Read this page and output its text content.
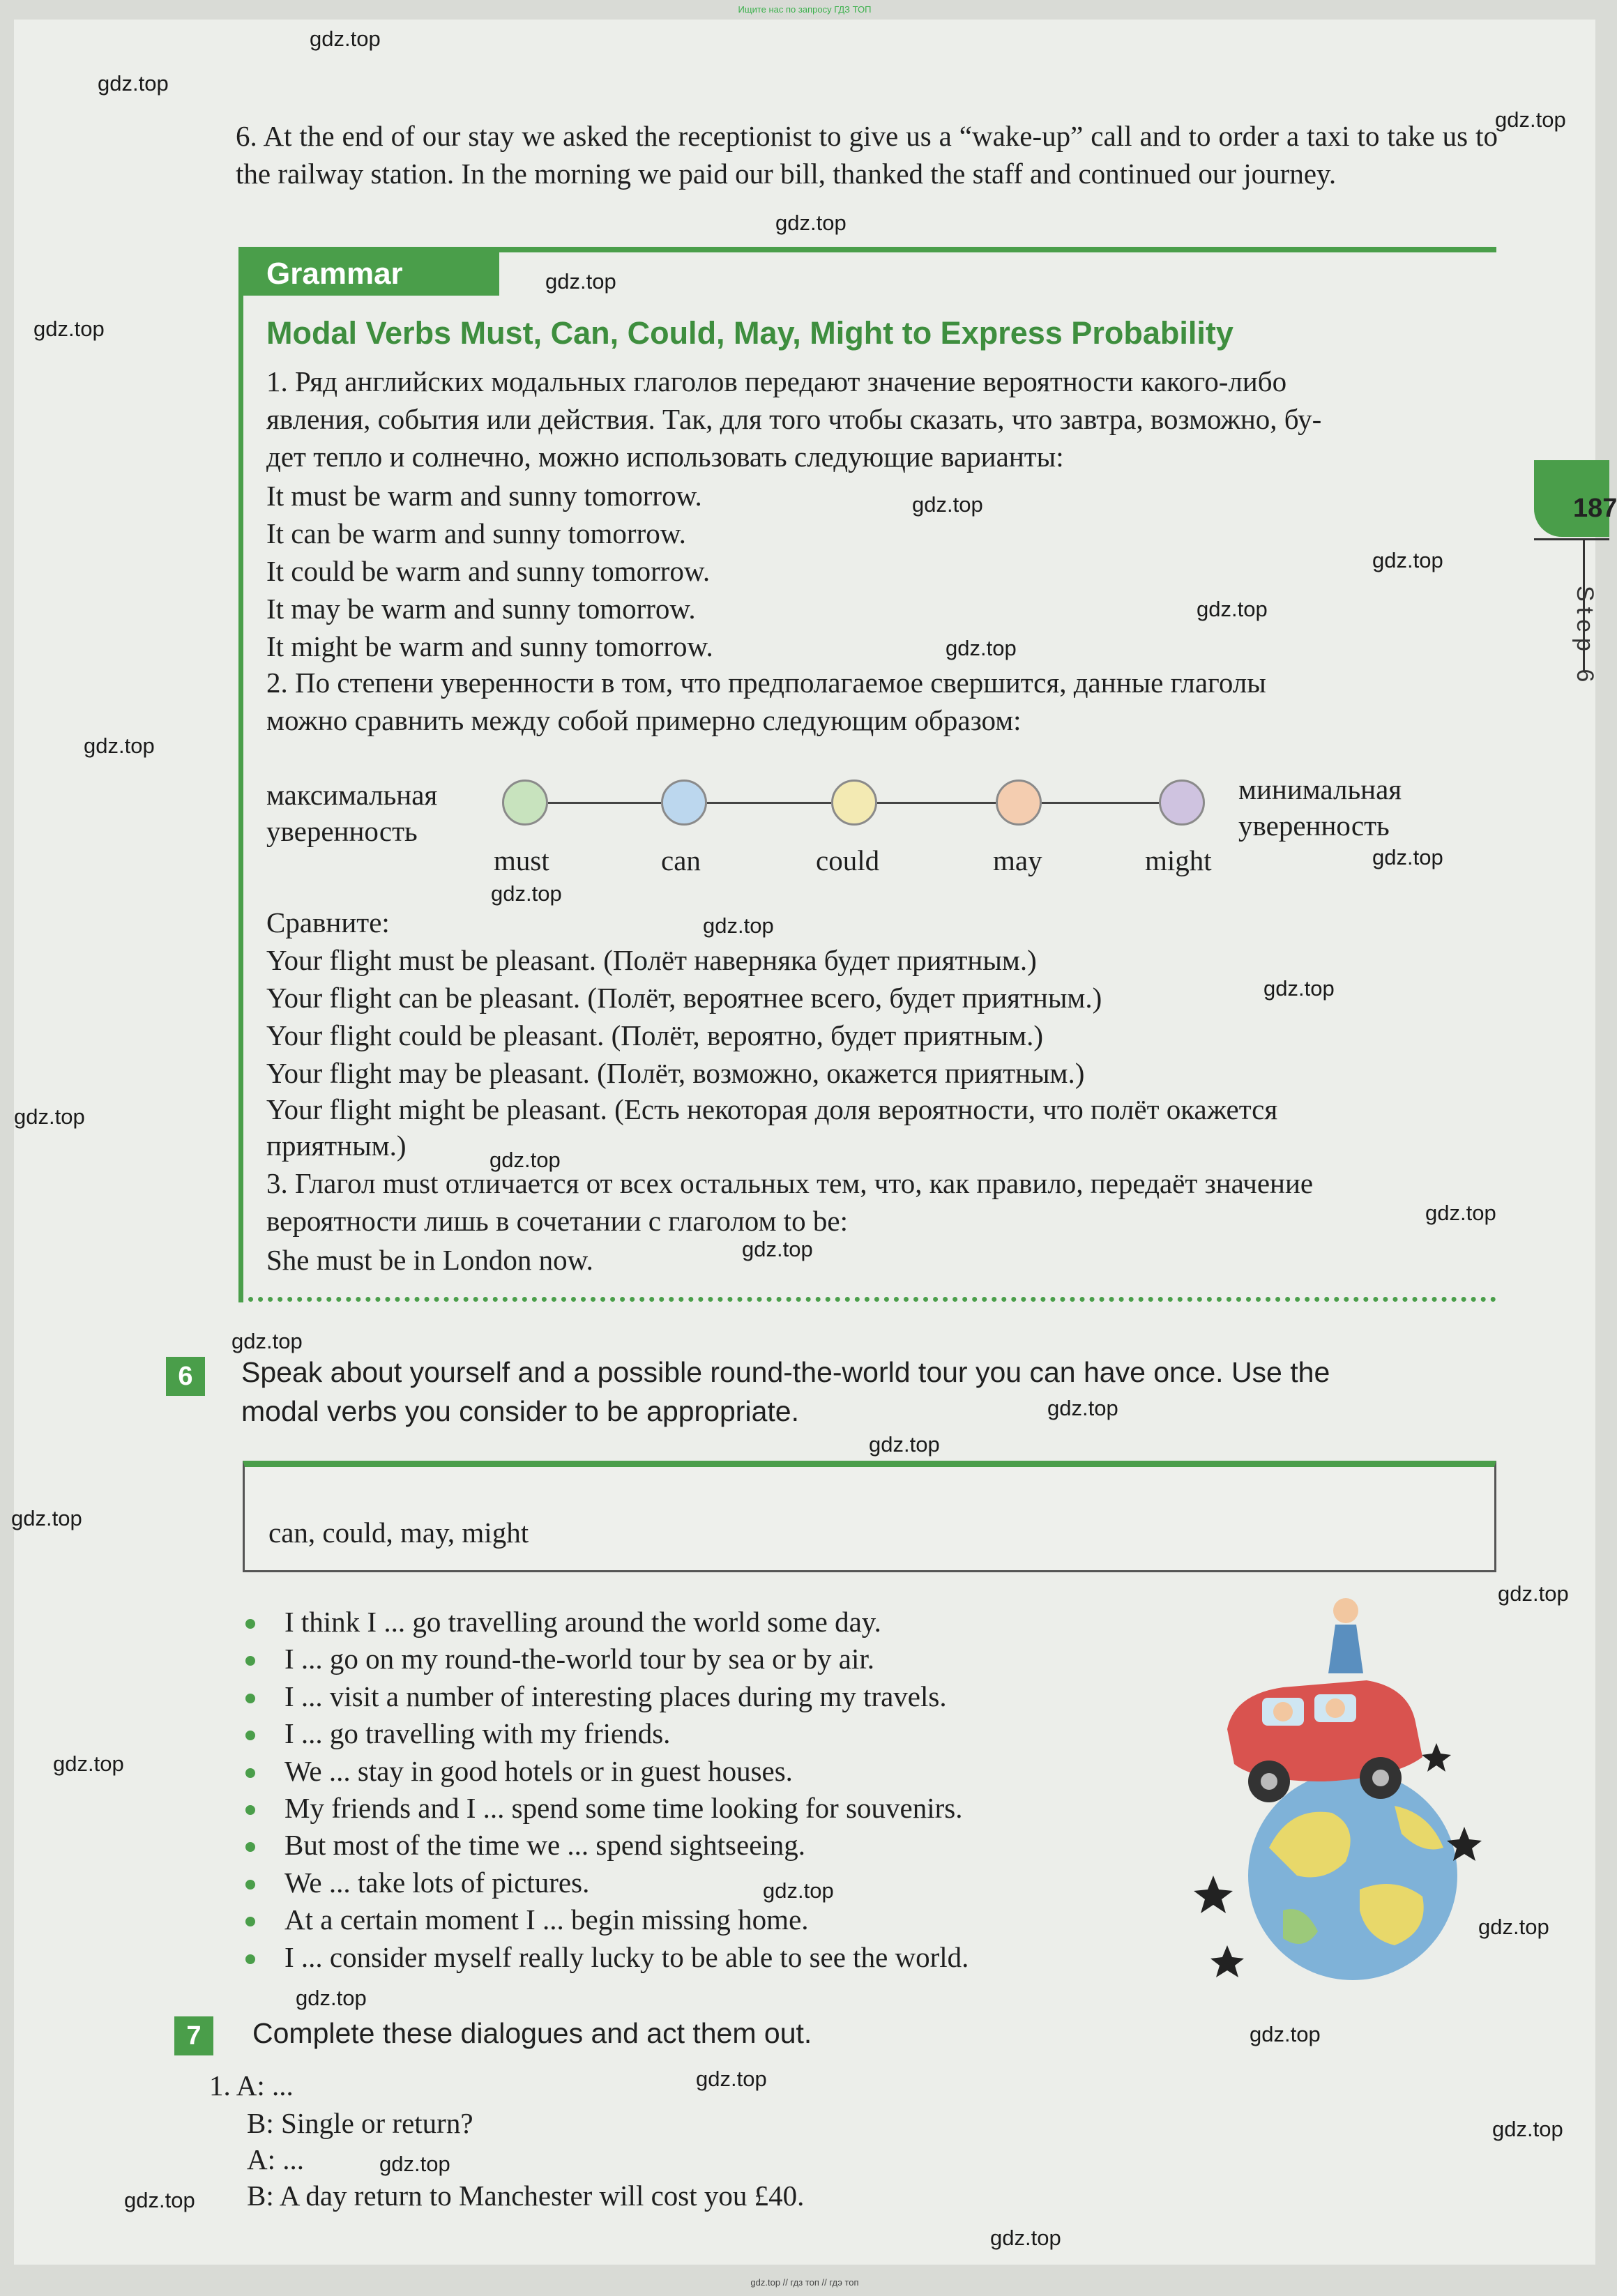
Ищите нас по запросу ГДЗ ТОП
gdz.top
gdz.top
gdz.top
gdz.top
gdz.top
gdz.top
gdz.top
gdz.top
gdz.top
gdz.top
gdz.top
gdz.top
gdz.top
gdz.top
gdz.top
gdz.top
gdz.top
gdz.top
gdz.top
gdz.top
gdz.top
gdz.top
gdz.top
gdz.top
gdz.top
gdz.top
gdz.top
gdz.top
gdz.top
gdz.top
gdz.top
gdz.top
gdz.top
gdz.top
187
Step 6
6. At the end of our stay we asked the receptionist to give us a “wake-up” call and to order a taxi to take us to the railway station. In the morning we paid our bill, thanked the staff and continued our journey.
Grammar
Modal Verbs Must, Can, Could, May, Might to Express Probability
1. Ряд английских модальных глаголов передают значение вероятности какого-либо
явления, события или действия. Так, для того чтобы сказать, что завтра, возможно, бу-
дет тепло и солнечно, можно использовать следующие варианты:
It must be warm and sunny tomorrow.
It can be warm and sunny tomorrow.
It could be warm and sunny tomorrow.
It may be warm and sunny tomorrow.
It might be warm and sunny tomorrow.
2. По степени уверенности в том, что предполагаемое свершится, данные глаголы
можно сравнить между собой примерно следующим образом:
максимальная
уверенность
минимальная
уверенность
must	can	could	may	might
Сравните:
Your flight must be pleasant. (Полёт наверняка будет приятным.)
Your flight can be pleasant. (Полёт, вероятнее всего, будет приятным.)
Your flight could be pleasant. (Полёт, вероятно, будет приятным.)
Your flight may be pleasant. (Полёт, возможно, окажется приятным.)
Your flight might be pleasant. (Есть некоторая доля вероятности, что полёт окажется
приятным.)
3. Глагол must отличается от всех остальных тем, что, как правило, передаёт значение
вероятности лишь в сочетании с глаголом to be:
She must be in London now.
6	Speak about yourself and a possible round-the-world tour you can have once. Use the
modal verbs you consider to be appropriate.
can, could, may, might
I think I ... go travelling around the world some day.
I ... go on my round-the-world tour by sea or by air.
I ... visit a number of interesting places during my travels.
I ... go travelling with my friends.
We ... stay in good hotels or in guest houses.
My friends and I ... spend some time looking for souvenirs.
But most of the time we ... spend sightseeing.
We ... take lots of pictures.
At a certain moment I ... begin missing home.
I ... consider myself really lucky to be able to see the world.
7	Complete these dialogues and act them out.
1. A: ...
B: Single or return?
A: ...
B: A day return to Manchester will cost you £40.
gdz.top // гдз топ // гдэ топ
